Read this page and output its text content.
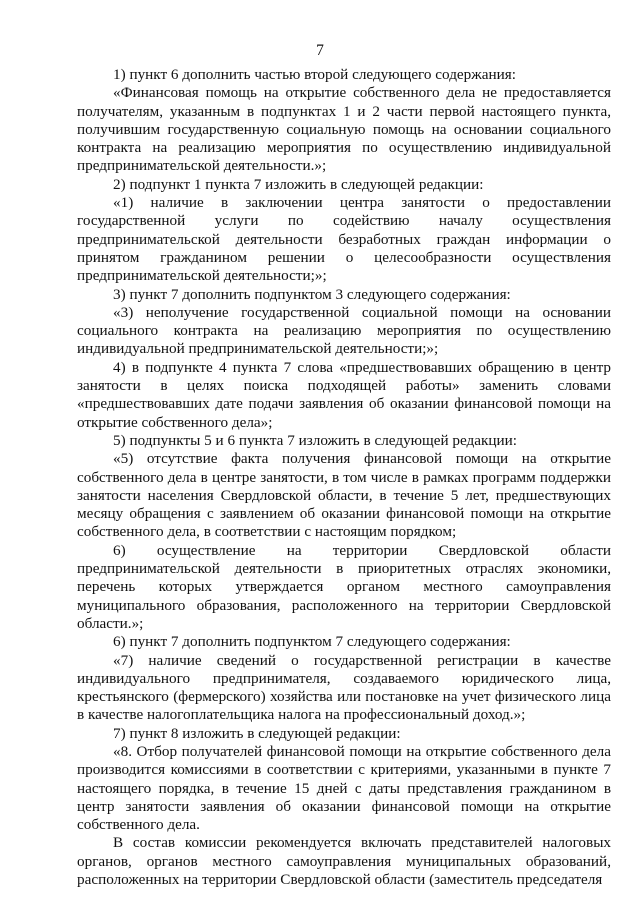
7

1) пункт 6 дополнить частью второй следующего содержания:

«Финансовая помощь на открытие собственного дела не предоставляется получателям, указанным в подпунктах 1 и 2 части первой настоящего пункта, получившим государственную социальную помощь на основании социального контракта на реализацию мероприятия по осуществлению индивидуальной предпринимательской деятельности.»;

2) подпункт 1 пункта 7 изложить в следующей редакции:

«1) наличие в заключении центра занятости о предоставлении государственной услуги по содействию началу осуществления предпринимательской деятельности безработных граждан информации о принятом гражданином решении о целесообразности осуществления предпринимательской деятельности;»;

3) пункт 7 дополнить подпунктом 3 следующего содержания:

«3) неполучение государственной социальной помощи на основании социального контракта на реализацию мероприятия по осуществлению индивидуальной предпринимательской деятельности;»;

4) в подпункте 4 пункта 7 слова «предшествовавших обращению в центр занятости в целях поиска подходящей работы» заменить словами «предшествовавших дате подачи заявления об оказании финансовой помощи на открытие собственного дела»;

5) подпункты 5 и 6 пункта 7 изложить в следующей редакции:

«5) отсутствие факта получения финансовой помощи на открытие собственного дела в центре занятости, в том числе в рамках программ поддержки занятости населения Свердловской области, в течение 5 лет, предшествующих месяцу обращения с заявлением об оказании финансовой помощи на открытие собственного дела, в соответствии с настоящим порядком;

6) осуществление на территории Свердловской области предпринимательской деятельности в приоритетных отраслях экономики, перечень которых утверждается органом местного самоуправления муниципального образования, расположенного на территории Свердловской области.»;

6) пункт 7 дополнить подпунктом 7 следующего содержания:

«7) наличие сведений о государственной регистрации в качестве индивидуального предпринимателя, создаваемого юридического лица, крестьянского (фермерского) хозяйства или постановке на учет физического лица в качестве налогоплательщика налога на профессиональный доход.»;

7) пункт 8 изложить в следующей редакции:

«8. Отбор получателей финансовой помощи на открытие собственного дела производится комиссиями в соответствии с критериями, указанными в пункте 7 настоящего порядка, в течение 15 дней с даты представления гражданином в центр занятости заявления об оказании финансовой помощи на открытие собственного дела.

В состав комиссии рекомендуется включать представителей налоговых органов, органов местного самоуправления муниципальных образований, расположенных на территории Свердловской области (заместитель председателя
